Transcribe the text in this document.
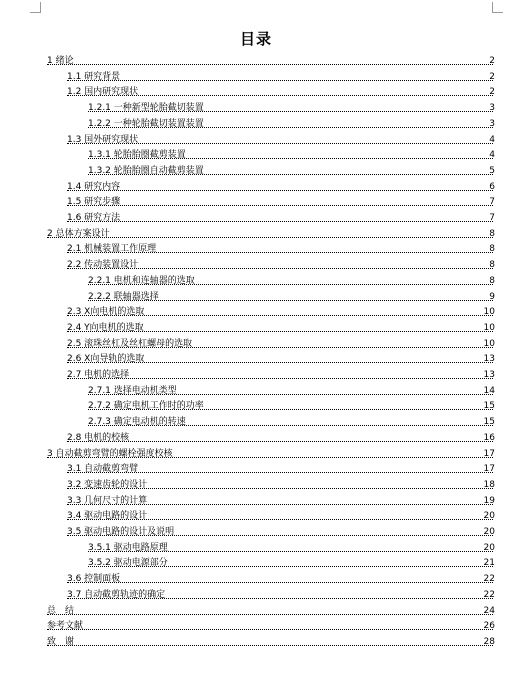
目录
1 绪论	2
1.1 研究背景	2
1.2 国内研究现状	2
1.2.1 一种新型轮胎截切装置	3
1.2.2 一种轮胎截切装置装置	3
1.3 国外研究现状	4
1.3.1 轮胎胎圈截剪装置	4
1.3.2 轮胎胎圈自动截剪装置	5
1.4 研究内容	6
1.5 研究步骤	7
1.6 研究方法	7
2 总体方案设计	8
2.1 机械装置工作原理	8
2.2 传动装置设计	8
2.2.1 电机和连轴器的选取	8
2.2.2 联轴器选择	9
2.3 X向电机的选取	10
2.4 Y向电机的选取	10
2.5 滚珠丝杠及丝杠螺母的选取	10
2.6 X向导轨的选取	13
2.7 电机的选择	13
2.7.1 选择电动机类型	14
2.7.2 确定电机工作时的功率	15
2.7.3 确定电动机的转速	15
2.8 电机的校核	16
3 自动截剪弯臂的螺栓强度校核	17
3.1 自动截剪弯臂	17
3.2 变速齿轮的设计	18
3.3 几何尺寸的计算	19
3.4 驱动电路的设计	20
3.5 驱动电路的设计及说明	20
3.5.1 驱动电路原理	20
3.5.2 驱动电源部分	21
3.6 控制面板	22
3.7 自动截剪轨迹的确定	22
总　结	24
参考文献	26
致　谢	28
